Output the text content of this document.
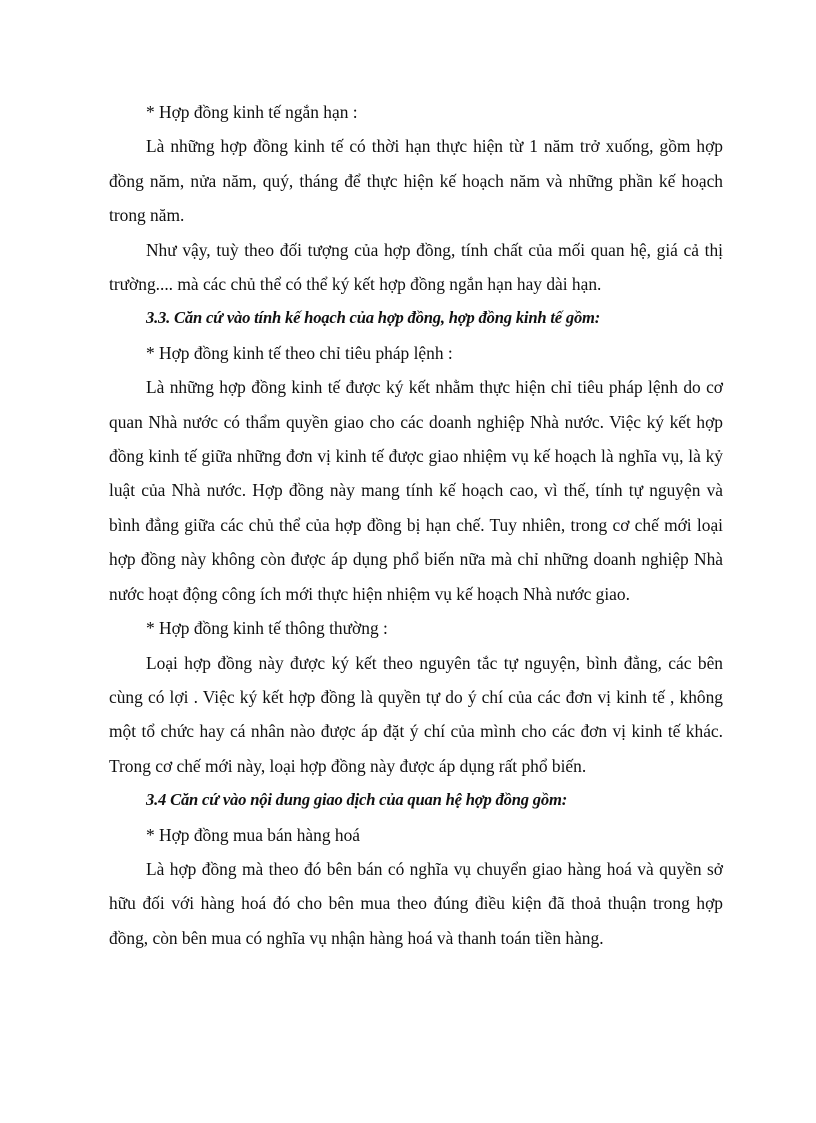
* Hợp đồng kinh tế ngắn hạn :

Là những hợp đồng kinh tế có thời hạn thực hiện từ 1 năm trở xuống, gồm hợp đồng năm, nửa năm, quý, tháng để thực hiện kế hoạch năm và những phần kế hoạch trong năm.

Như vậy, tuỳ theo đối tượng của hợp đồng, tính chất của mối quan hệ, giá cả thị trường.... mà các chủ thể có thể ký kết hợp đồng ngắn hạn hay dài hạn.

3.3. Căn cứ vào tính kế hoạch của hợp đồng, hợp đồng kinh tế gồm:

* Hợp đồng kinh tế theo chỉ tiêu pháp lệnh :

Là những hợp đồng kinh tế được ký kết nhằm thực hiện chỉ tiêu pháp lệnh do cơ quan Nhà nước có thẩm quyền giao cho các doanh nghiệp Nhà nước. Việc ký kết hợp đồng kinh tế giữa những đơn vị kinh tế được giao nhiệm vụ kế hoạch là nghĩa vụ, là kỷ luật của Nhà nước. Hợp đồng này mang tính kế hoạch cao, vì thế, tính tự nguyện và bình đẳng giữa các chủ thể của hợp đồng bị hạn chế. Tuy nhiên, trong cơ chế mới loại hợp đồng này không còn được áp dụng phổ biến nữa mà chỉ những doanh nghiệp Nhà nước hoạt động công ích mới thực hiện nhiệm vụ kế hoạch Nhà nước giao.

* Hợp đồng kinh tế thông thường :

Loại hợp đồng này được ký kết theo nguyên tắc tự nguyện, bình đẳng, các bên cùng có lợi . Việc ký kết hợp đồng là quyền tự do ý chí của các đơn vị kinh tế , không một tổ chức hay cá nhân nào được áp đặt ý chí của mình cho các đơn vị kinh tế khác. Trong cơ chế mới này, loại hợp đồng này được áp dụng rất phổ biến.

3.4 Căn cứ vào nội dung giao dịch của quan hệ hợp đồng gồm:

* Hợp đồng mua bán hàng hoá

Là hợp đồng mà theo đó bên bán có nghĩa vụ chuyển giao hàng hoá và quyền sở hữu đối với hàng hoá đó cho bên mua theo đúng điều kiện đã thoả thuận trong hợp đồng, còn bên mua có nghĩa vụ nhận hàng hoá và thanh toán tiền hàng.
